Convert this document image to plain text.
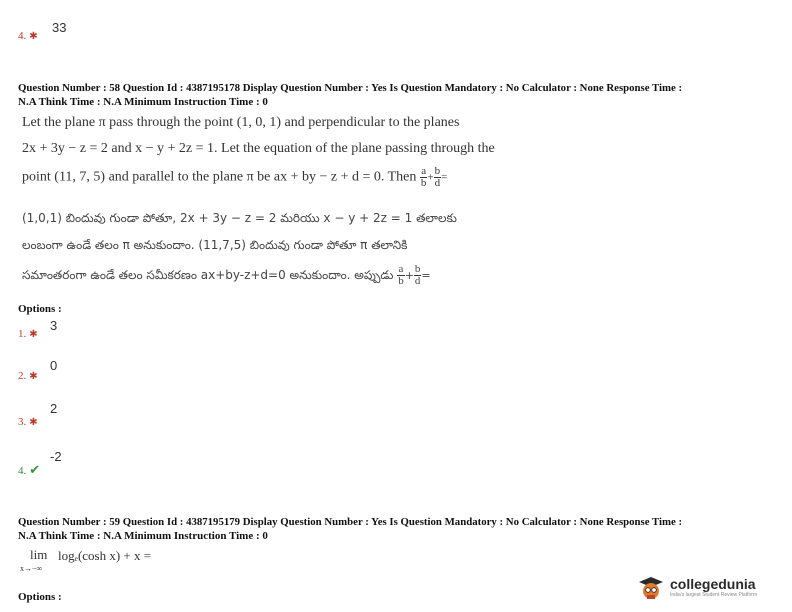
4. ✱
33
Question Number : 58 Question Id : 4387195178 Display Question Number : Yes Is Question Mandatory : No Calculator : None Response Time :
N.A Think Time : N.A Minimum Instruction Time : 0
Let the plane π pass through the point (1, 0, 1) and perpendicular to the planes
2x + 3y − z = 2 and x − y + 2z = 1. Let the equation of the plane passing through the
point (11, 7, 5) and parallel to the plane π be ax + by − z + d = 0. Then $\frac{a}{b} + \frac{b}{d}$ =
(1,0,1) బిందువు గుండా పోతూ, 2x + 3y − z = 2 మరియు x − y + 2z = 1 తలాలకు
లంబంగా ఉండే తలం π అనుకుందాం. (11,7,5) బిందువు గుండా పోతూ π తలానికి
సమాంతరంగా ఉండే తలం సమీకరణం ax+by-z+d=0 అనుకుందాం. అప్పుడు $\frac{a}{b} + \frac{b}{d}$ =
Options :
1. ✱
3
2. ✱
0
3. ✱
2
4. ✔
-2
Question Number : 59 Question Id : 4387195179 Display Question Number : Yes Is Question Mandatory : No Calculator : None Response Time :
N.A Think Time : N.A Minimum Instruction Time : 0
lim
x→−∞
logₑ(cosh x) + x =
Options :
collegedunia
India's largest Student Review Platform
